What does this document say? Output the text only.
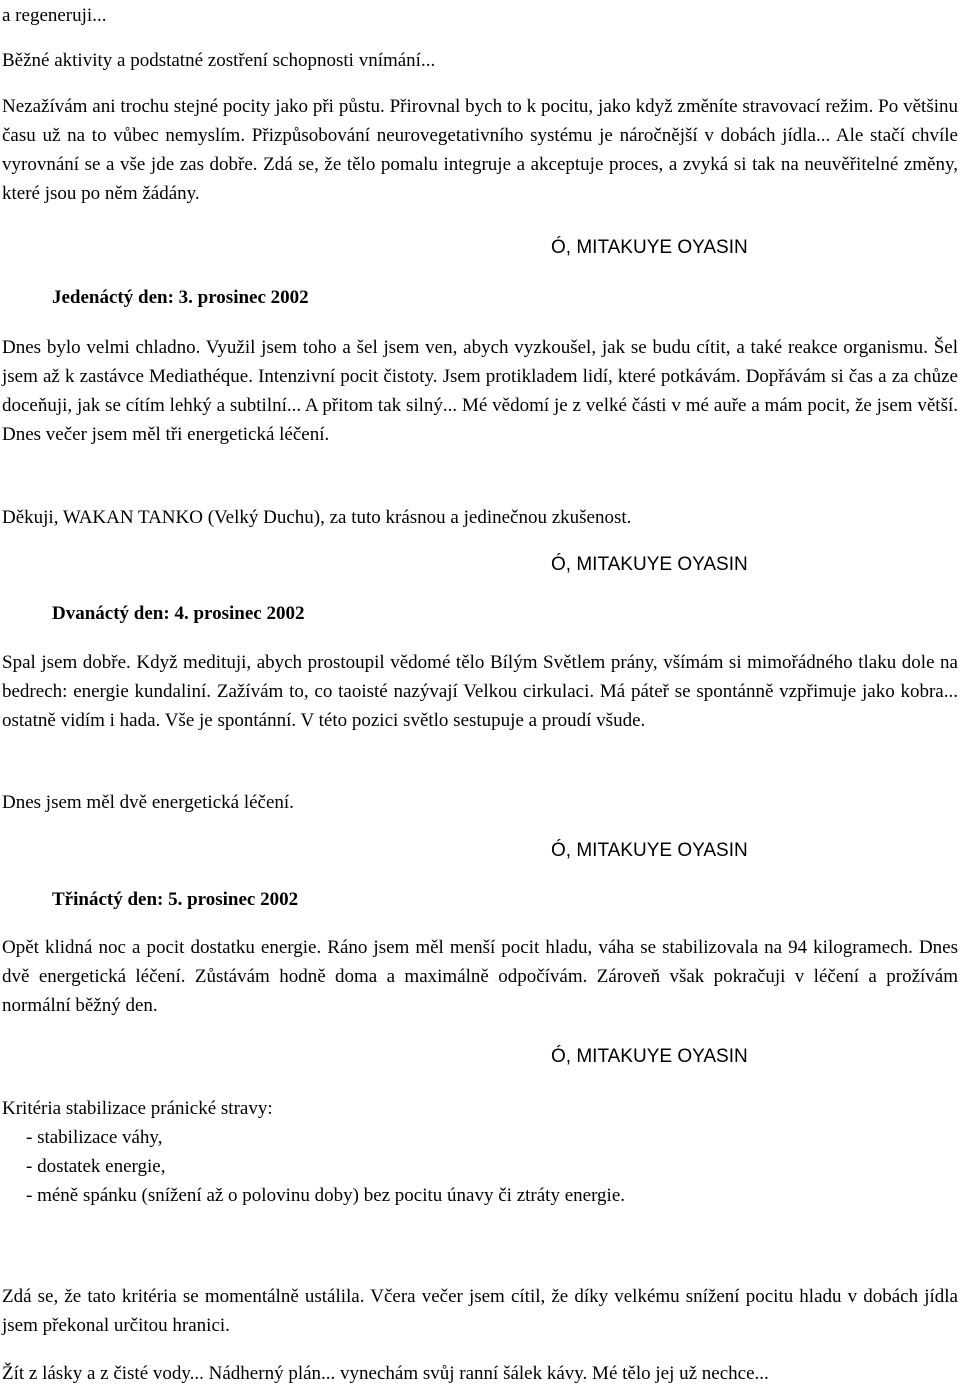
a regeneruji...

Běžné aktivity a podstatné zostření schopnosti vnímání...

Nezažívám ani trochu stejné pocity jako při půstu. Přirovnal bych to k pocitu, jako když změníte stravovací režim. Po většinu času už na to vůbec nemyslím. Přizpůsobování neurovegetativního systému je náročnější v dobách jídla... Ale stačí chvíle vyrovnání se a vše jde zas dobře. Zdá se, že tělo pomalu integruje a akceptuje proces, a zvyká si tak na neuvěřitelné změny, které jsou po něm žádány.

Ó, MITAKUYE OYASIN
Jedenáctý den: 3. prosinec 2002

Dnes bylo velmi chladno. Využil jsem toho a šel jsem ven, abych vyzkoušel, jak se budu cítit, a také reakce organismu. Šel jsem až k zastávce Mediathéque. Intenzivní pocit čistoty. Jsem protikladem lidí, které potkávám. Dopřávám si čas a za chůze doceňuji, jak se cítím lehký a subtilní... A přitom tak silný... Mé vědomí je z velké části v mé auře a mám pocit, že jsem větší. Dnes večer jsem měl tři energetická léčení.

Děkuji, WAKAN TANKO (Velký Duchu), za tuto krásnou a jedinečnou zkušenost.

Ó, MITAKUYE OYASIN
Dvanáctý den: 4. prosinec 2002

Spal jsem dobře. Když medituji, abych prostoupil vědomé tělo Bílým Světlem prány, všímám si mimořádného tlaku dole na bedrech: energie kundaliní. Zažívám to, co taoisté nazývají Velkou cirkulaci. Má páteř se spontánně vzpřimuje jako kobra... ostatně vidím i hada. Vše je spontánní. V této pozici světlo sestupuje a proudí všude.

Dnes jsem měl dvě energetická léčení.

Ó, MITAKUYE OYASIN
Třináctý den: 5. prosinec 2002

Opět klidná noc a pocit dostatku energie. Ráno jsem měl menší pocit hladu, váha se stabilizovala na 94 kilogramech. Dnes dvě energetická léčení. Zůstávám hodně doma a maximálně odpočívám. Zároveň však pokračuji v léčení a prožívám normální běžný den.

Ó, MITAKUYE OYASIN
Kritéria stabilizace pránické stravy:
- stabilizace váhy,
- dostatek energie,
- méně spánku (snížení až o polovinu doby) bez pocitu únavy či ztráty energie.

Zdá se, že tato kritéria se momentálně ustálila. Včera večer jsem cítil, že díky velkému snížení pocitu hladu v dobách jídla jsem překonal určitou hranici.

Žít z lásky a z čisté vody... Nádherný plán... vynechám svůj ranní šálek kávy. Mé tělo jej už nechce...
